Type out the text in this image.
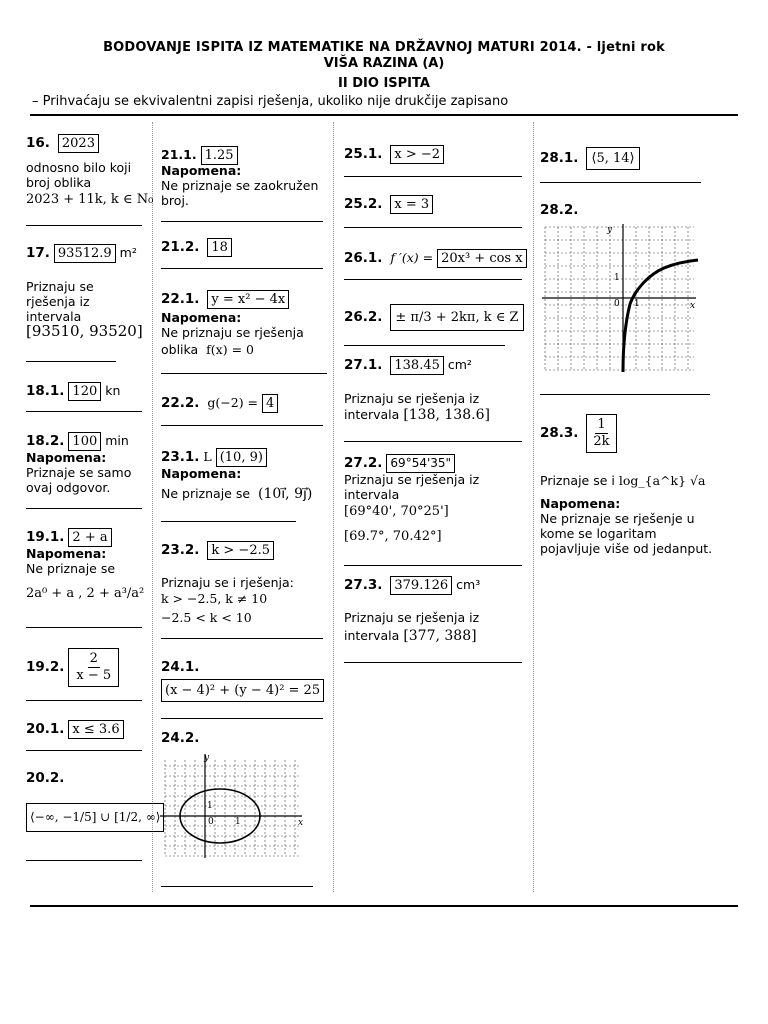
BODOVANJE ISPITA IZ MATEMATIKE NA DRŽAVNOJ MATURI 2014. - ljetni rok
VIŠA RAZINA (A)
II DIO ISPITA
– Prihvaćaju se ekvivalentni zapisi rješenja, ukoliko nije drukčije zapisano
16. 2023
odnosno bilo koji
broj oblika
2023 + 11k, k ∈ N₀
17. 93512.9 m²
Priznaju se
rješenja iz
intervala
[93510, 93520]
18.1. 120 kn
18.2. 100 min
Napomena:
Priznaje se samo
ovaj odgovor.
19.1. 2 + a
Napomena:
Ne priznaje se
2a⁰ + a , 2 + a³/a²
19.2. $\frac{2}{x - 5}$
20.1. x ≤ 3.6
20.2.
⟨−∞, −1/5] ∪ [1/2, ∞⟩
21.1. 1.25
Napomena:
Ne priznaje se zaokružen
broj.
21.2. 18
22.1. y = x² − 4x
Napomena:
Ne priznaju se rješenja
oblika f(x) = 0
22.2. g(−2) = 4
23.1. L (10, 9)
Napomena:
Ne priznaje se (10i⃗, 9j⃗)
23.2. k > −2.5
Priznaju se i rješenja:
k > −2.5, k ≠ 10
−2.5 < k < 10
24.1.
(x − 4)² + (y − 4)² = 25
24.2.
y
x
1
0 1
25.1. x > −2
25.2. x = 3
26.1. f ′(x) = 20x³ + cos x
26.2. ± π/3 + 2kπ, k ∈ Z
27.1. 138.45 cm²
Priznaju se rješenja iz
intervala [138, 138.6]
27.2. 69°54'35"
Priznaju se rješenja iz
intervala
[69°40', 70°25']
[69.7°, 70.42°]
27.3. 379.126 cm³
Priznaju se rješenja iz
intervala [377, 388]
28.1. ⟨5, 14⟩
28.2.
y
x
1
0 1
28.3. $\frac{1}{2k}$
Priznaje se i log_{a^k} √a
Napomena:
Ne priznaje se rješenje u
kome se logaritam
pojavljuje više od jedanput.
